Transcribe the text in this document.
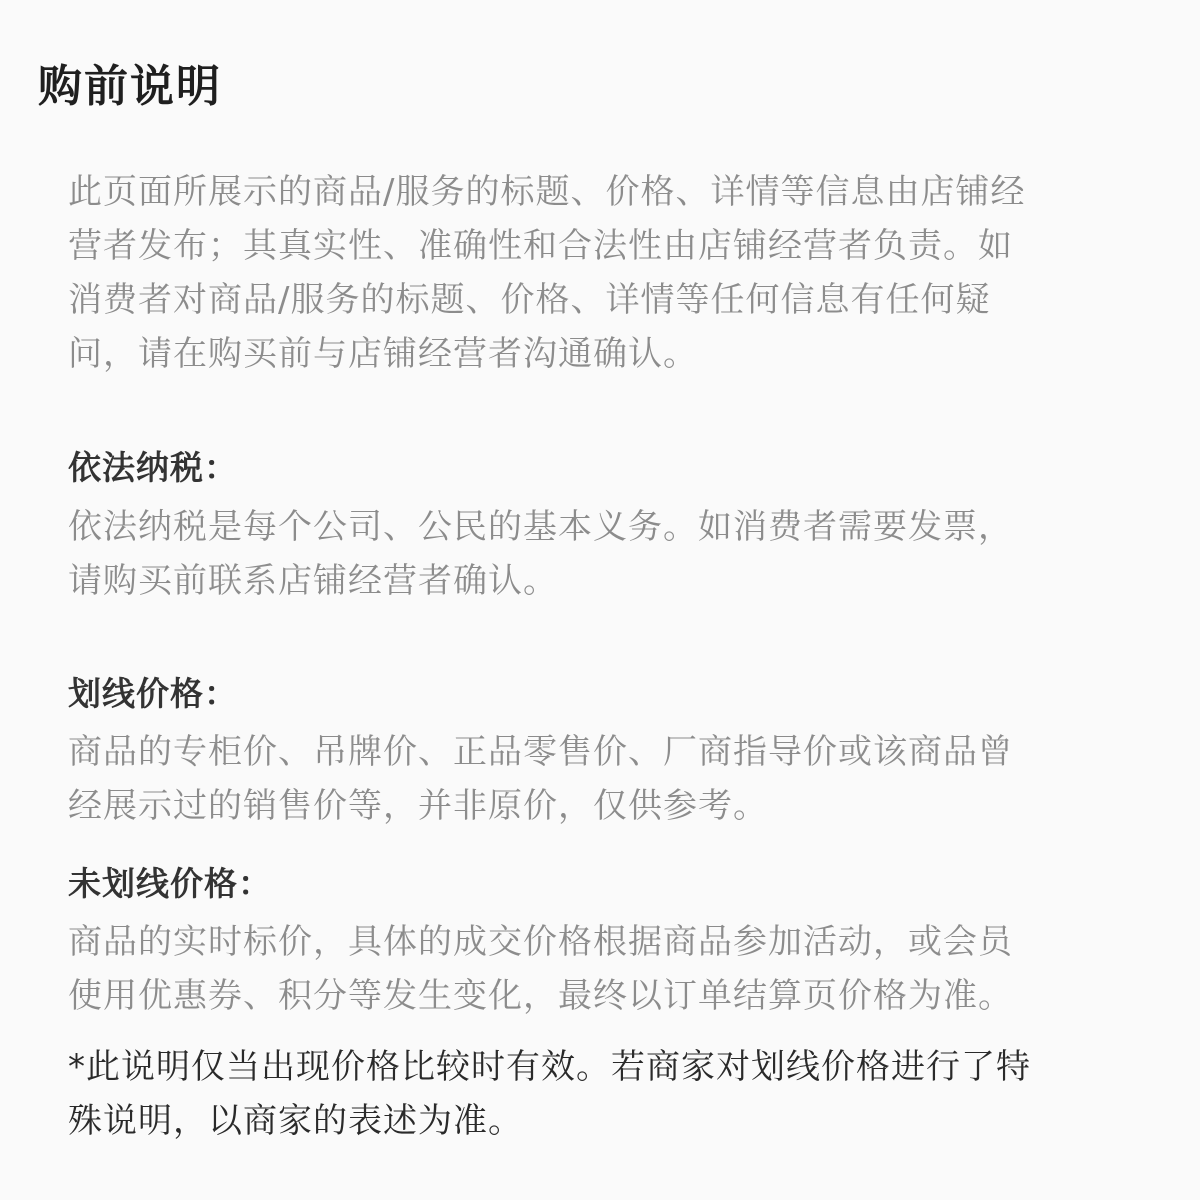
购前说明
此页面所展示的商品/服务的标题、价格、详情等信息由店铺经
营者发布；其真实性、准确性和合法性由店铺经营者负责。如
消费者对商品/服务的标题、价格、详情等任何信息有任何疑
问，请在购买前与店铺经营者沟通确认。
依法纳税：
依法纳税是每个公司、公民的基本义务。如消费者需要发票，
请购买前联系店铺经营者确认。
划线价格：
商品的专柜价、吊牌价、正品零售价、厂商指导价或该商品曾
经展示过的销售价等，并非原价，仅供参考。
未划线价格：
商品的实时标价，具体的成交价格根据商品参加活动，或会员
使用优惠券、积分等发生变化，最终以订单结算页价格为准。
*此说明仅当出现价格比较时有效。若商家对划线价格进行了特
殊说明，以商家的表述为准。
